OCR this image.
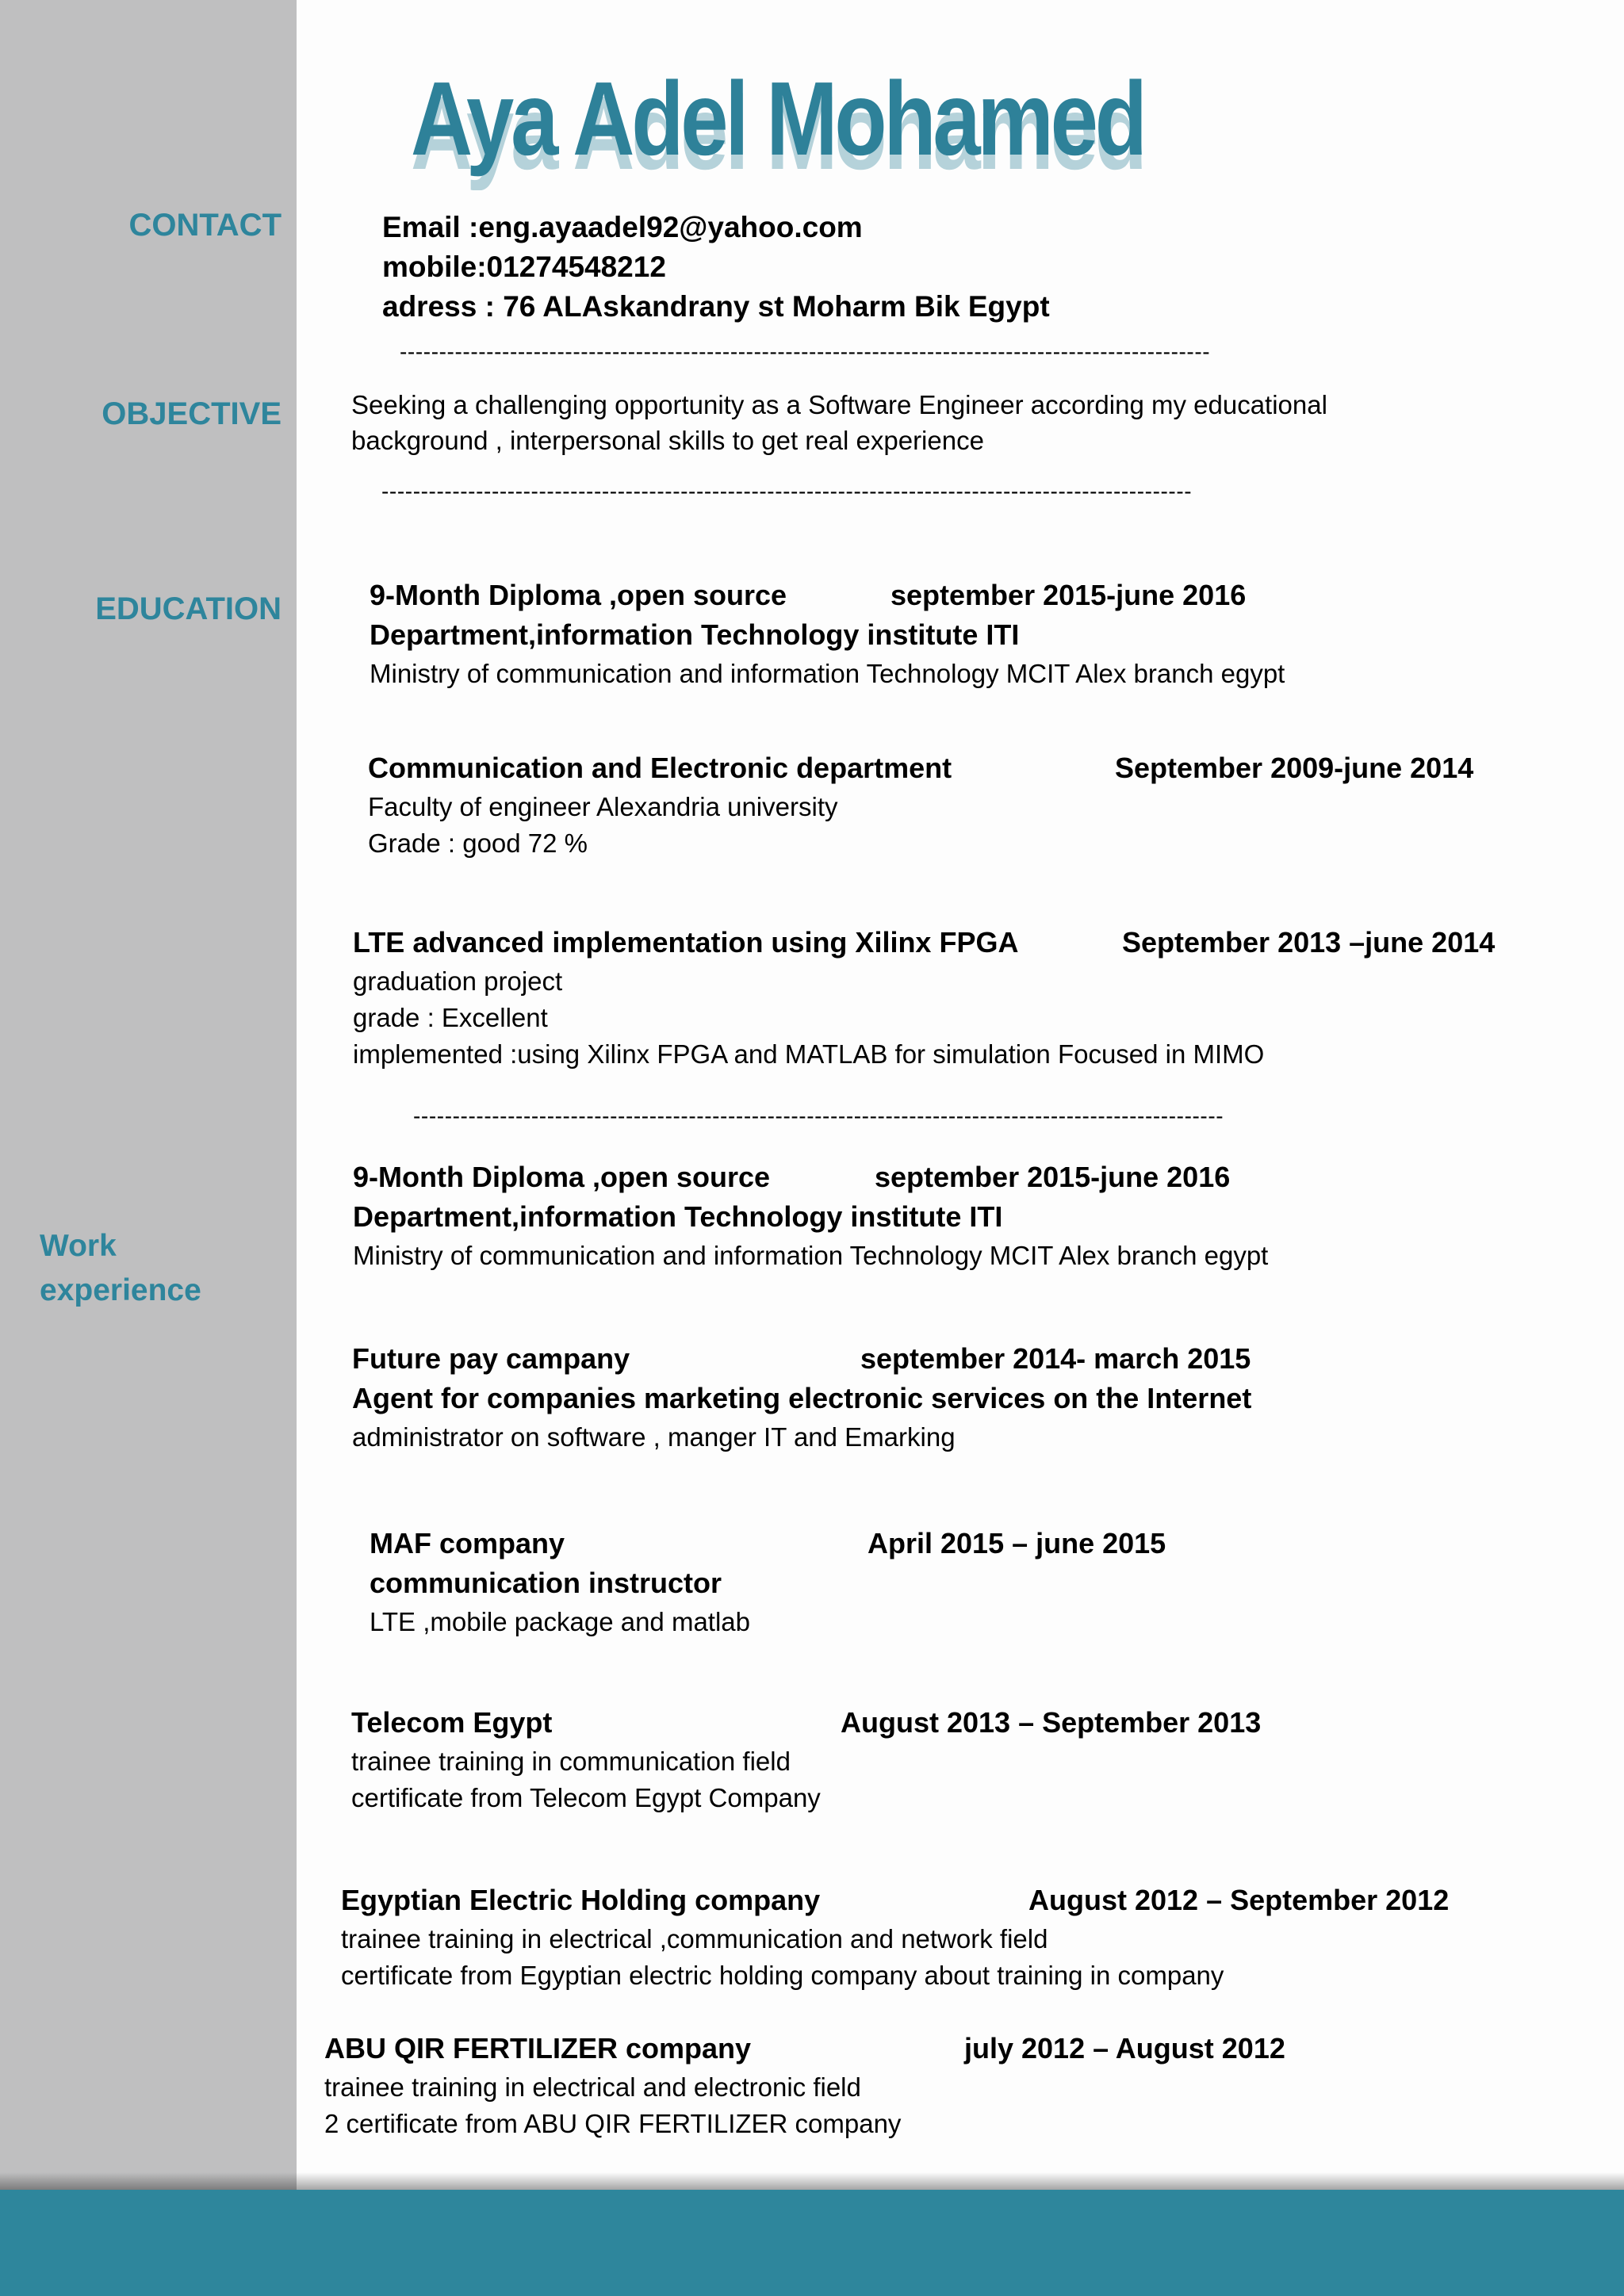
Aya Adel Mohamed
CONTACT
OBJECTIVE
EDUCATION
Work experience
Email :eng.ayaadel92@yahoo.com
mobile:01274548212
adress : 76 ALAskandrany st Moharm Bik Egypt
-------------------------------------------------------------------------------------------------------
Seeking a challenging opportunity as a Software Engineer according my educational
background , interpersonal skills to get real experience
-------------------------------------------------------------------------------------------------------
9-Month Diploma ,open source	september 2015-june 2016
Department,information Technology institute ITI
Ministry of communication and information Technology MCIT Alex branch egypt
Communication and Electronic department	September 2009-june 2014
Faculty of engineer Alexandria university
Grade : good 72 %
LTE advanced implementation using Xilinx FPGA	September 2013 –june 2014
graduation project
grade : Excellent
implemented :using Xilinx FPGA and MATLAB for simulation Focused in MIMO
-------------------------------------------------------------------------------------------------------
9-Month Diploma ,open source	september 2015-june 2016
Department,information Technology institute ITI
Ministry of communication and information Technology MCIT Alex branch egypt
Future pay campany	september 2014- march 2015
Agent for companies marketing electronic services on the Internet
administrator on software , manger IT and Emarking
MAF company	April 2015 – june 2015
communication instructor
LTE ,mobile package and matlab
Telecom Egypt	August 2013 – September 2013
trainee training in communication field
certificate from Telecom Egypt Company
Egyptian Electric Holding company	August 2012 – September 2012
trainee training in electrical ,communication and network field
certificate from Egyptian electric holding company about training in company
ABU QIR FERTILIZER company	july 2012 – August 2012
trainee training in electrical and electronic field
2 certificate from ABU QIR FERTILIZER company
